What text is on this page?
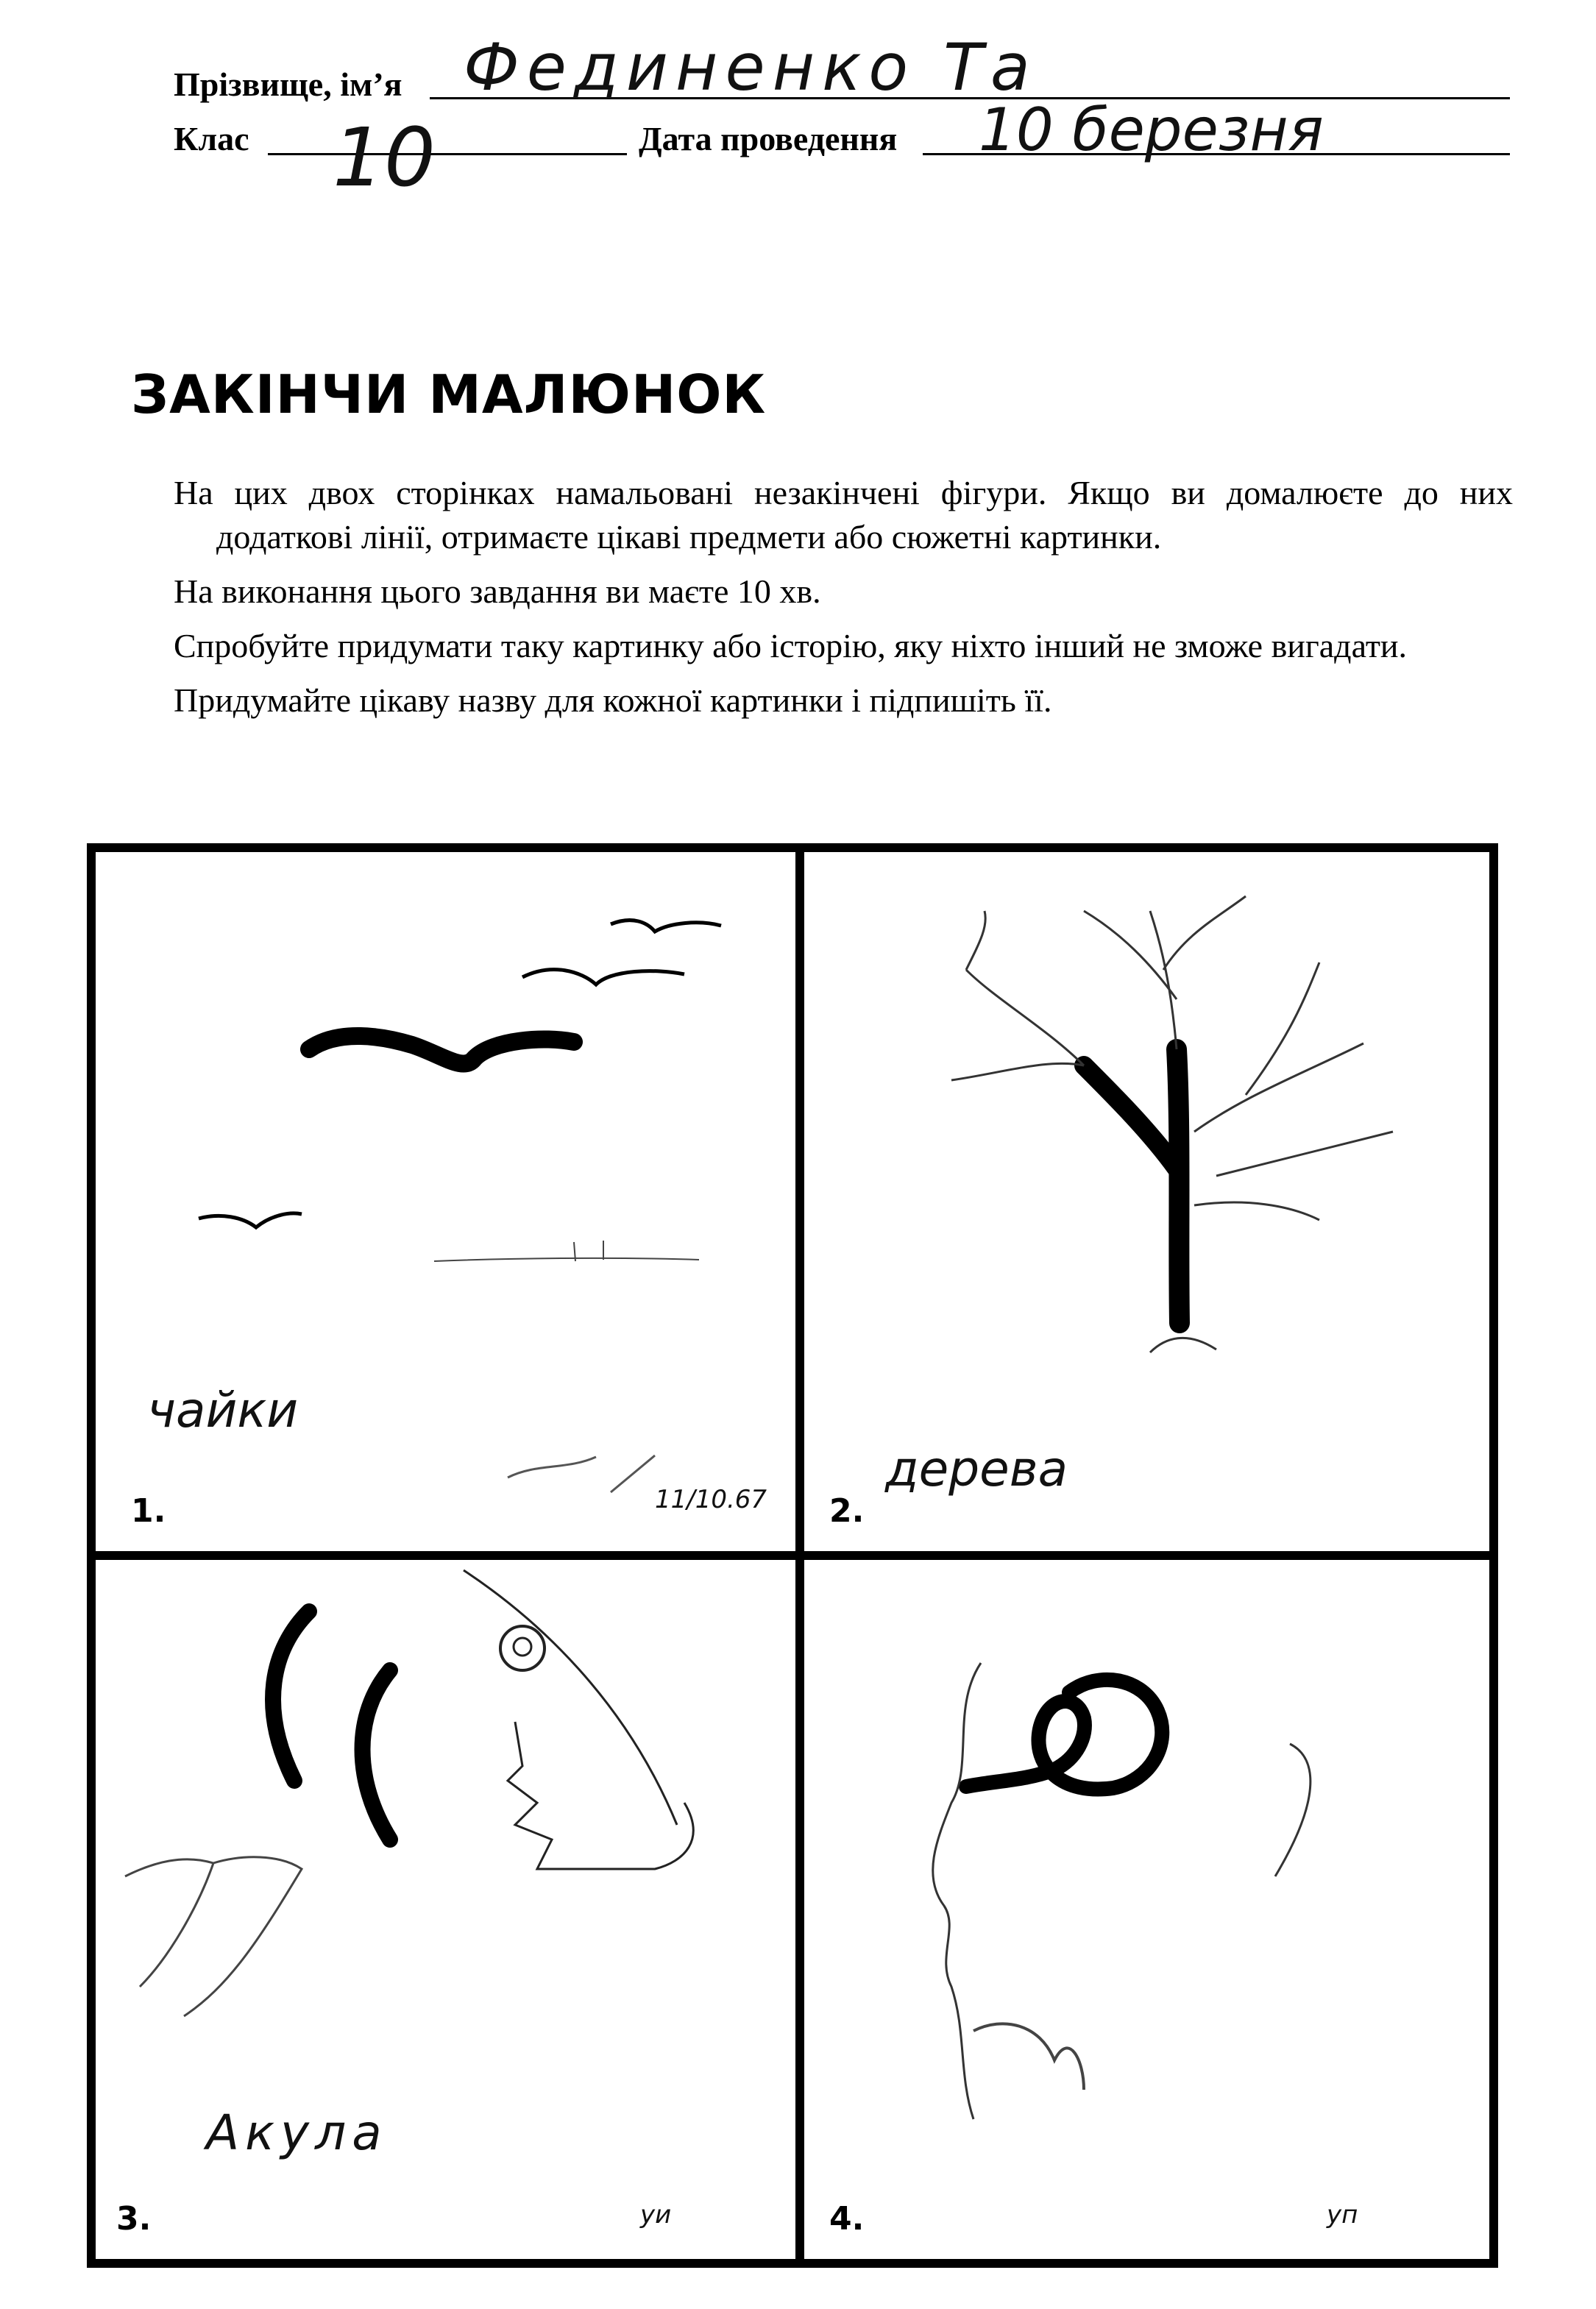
Прізвище, ім’я Фединенко Та
Клас 10	Дата проведення 10 березня
ЗАКІНЧИ МАЛЮНОК

На цих двох сторінках намальовані незакінчені фігури. Якщо ви домалюєте до них додаткові лінії, отримаєте цікаві предмети або сюжетні картинки.

На виконання цього завдання ви маєте 10 хв.

Спробуйте придумати таку картинку або історію, яку ніхто інший не зможе вигадати.

Придумайте цікаву назву для кожної картинки і підпишіть її.

чайки
11/10.67
1.
дерева
2.
Акула
уи
3.	уп
4.
